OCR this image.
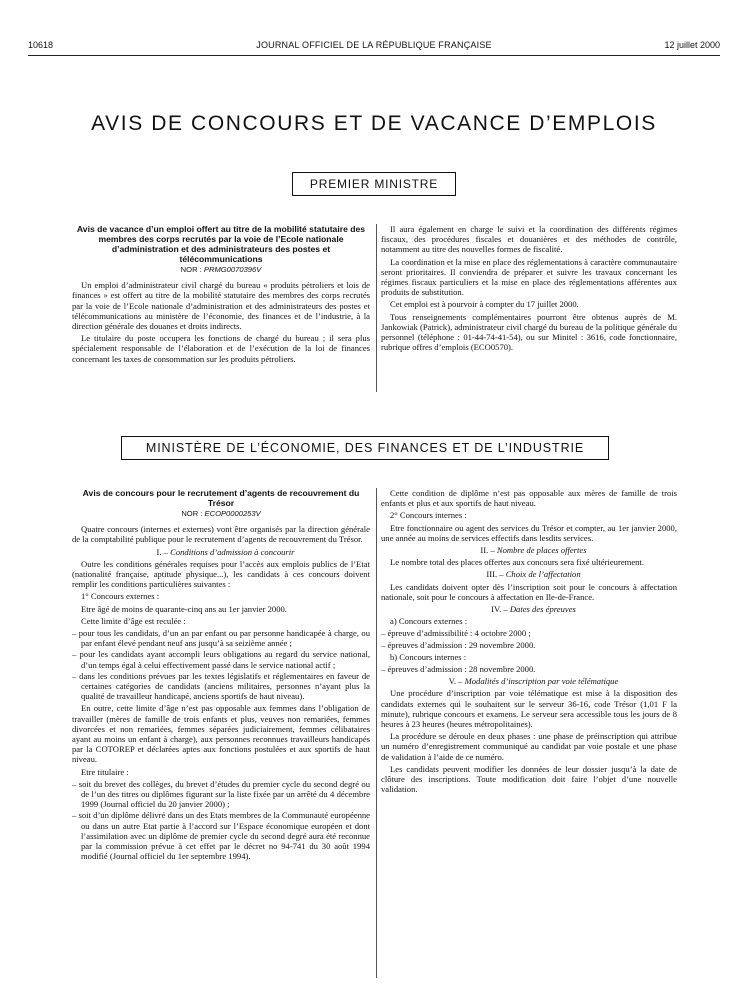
10618	JOURNAL OFFICIEL DE LA RÉPUBLIQUE FRANÇAISE	12 juillet 2000
AVIS DE CONCOURS ET DE VACANCE D’EMPLOIS
PREMIER MINISTRE
Avis de vacance d’un emploi offert au titre de la mobilité statutaire des membres des corps recrutés par la voie de l’Ecole nationale d’administration et des administrateurs des postes et télécommunications
NOR : PRMG0070396V

Un emploi d’administrateur civil chargé du bureau « produits pétroliers et lois de finances » est offert au titre de la mobilité statutaire des membres des corps recrutés par la voie de l’Ecole nationale d’administration et des administrateurs des postes et télécommunications au ministère de l’économie, des finances et de l’industrie, à la direction générale des douanes et droits indirects.

Le titulaire du poste occupera les fonctions de chargé du bureau ; il sera plus spécialement responsable de l’élaboration et de l’exécution de la loi de finances concernant les taxes de consommation sur les produits pétroliers.

Il aura également en charge le suivi et la coordination des différents régimes fiscaux, des procédures fiscales et douanières et des méthodes de contrôle, notamment au titre des nouvelles formes de fiscalité.

La coordination et la mise en place des réglementations à caractère communautaire seront prioritaires. Il conviendra de préparer et suivre les travaux concernant les régimes fiscaux particuliers et la mise en place des réglementations afférentes aux produits de substitution.

Cet emploi est à pourvoir à compter du 17 juillet 2000.

Tous renseignements complémentaires pourront être obtenus auprès de M. Jankowiak (Patrick), administrateur civil chargé du bureau de la politique générale du personnel (téléphone : 01-44-74-41-54), ou sur Minitel : 3616, code fonctionnaire, rubrique offres d’emplois (ECO0570).

MINISTÈRE DE L’ÉCONOMIE, DES FINANCES ET DE L’INDUSTRIE
Avis de concours pour le recrutement d’agents de recouvrement du Trésor
NOR : ECOP0000253V

Quatre concours (internes et externes) vont être organisés par la direction générale de la comptabilité publique pour le recrutement d’agents de recouvrement du Trésor.

I. – Conditions d’admission à concourir

Outre les conditions générales requises pour l’accès aux emplois publics de l’Etat (nationalité française, aptitude physique...), les candidats à ces concours doivent remplir les conditions particulières suivantes :

1° Concours externes :

Etre âgé de moins de quarante-cinq ans au 1er janvier 2000.

Cette limite d’âge est reculée :

– pour tous les candidats, d’un an par enfant ou par personne handicapée à charge, ou par enfant élevé pendant neuf ans jusqu’à sa seizième année ;
– pour les candidats ayant accompli leurs obligations au regard du service national, d’un temps égal à celui effectivement passé dans le service national actif ;
– dans les conditions prévues par les textes législatifs et réglementaires en faveur de certaines catégories de candidats (anciens militaires, personnes n’ayant plus la qualité de travailleur handicapé, anciens sportifs de haut niveau).

En outre, cette limite d’âge n’est pas opposable aux femmes dans l’obligation de travailler (mères de famille de trois enfants et plus, veuves non remariées, femmes divorcées et non remariées, femmes séparées judiciairement, femmes célibataires ayant au moins un enfant à charge), aux personnes reconnues travailleurs handicapés par la COTOREP et déclarées aptes aux fonctions postulées et aux sportifs de haut niveau.

Etre titulaire :

– soit du brevet des collèges, du brevet d’études du premier cycle du second degré ou de l’un des titres ou diplômes figurant sur la liste fixée par un arrêté du 4 décembre 1999 (Journal officiel du 20 janvier 2000) ;
– soit d’un diplôme délivré dans un des Etats membres de la Communauté européenne ou dans un autre Etat partie à l’accord sur l’Espace économique européen et dont l’assimilation avec un diplôme de premier cycle du second degré aura été reconnue par la commission prévue à cet effet par le décret no 94-741 du 30 août 1994 modifié (Journal officiel du 1er septembre 1994).

Cette condition de diplôme n’est pas opposable aux mères de famille de trois enfants et plus et aux sportifs de haut niveau.

2° Concours internes :

Etre fonctionnaire ou agent des services du Trésor et compter, au 1er janvier 2000, une année au moins de services effectifs dans lesdits services.

II. – Nombre de places offertes

Le nombre total des places offertes aux concours sera fixé ultérieurement.

III. – Choix de l’affectation

Les candidats doivent opter dès l’inscription soit pour le concours à affectation nationale, soit pour le concours à affectation en Ile-de-France.

IV. – Dates des épreuves

a) Concours externes :

– épreuve d’admissibilité : 4 octobre 2000 ;
– épreuves d’admission : 29 novembre 2000.

b) Concours internes :

– épreuves d’admission : 28 novembre 2000.

V. – Modalités d’inscription par voie télématique

Une procédure d’inscription par voie télématique est mise à la disposition des candidats externes qui le souhaitent sur le serveur 36-16, code Trésor (1,01 F la minute), rubrique concours et examens. Le serveur sera accessible tous les jours de 8 heures à 23 heures (heures métropolitaines).

La procédure se déroule en deux phases : une phase de préinscription qui attribue un numéro d’enregistrement communiqué au candidat par voie postale et une phase de validation à l’aide de ce numéro.

Les candidats peuvent modifier les données de leur dossier jusqu’à la date de clôture des inscriptions. Toute modification doit faire l’objet d’une nouvelle validation.
